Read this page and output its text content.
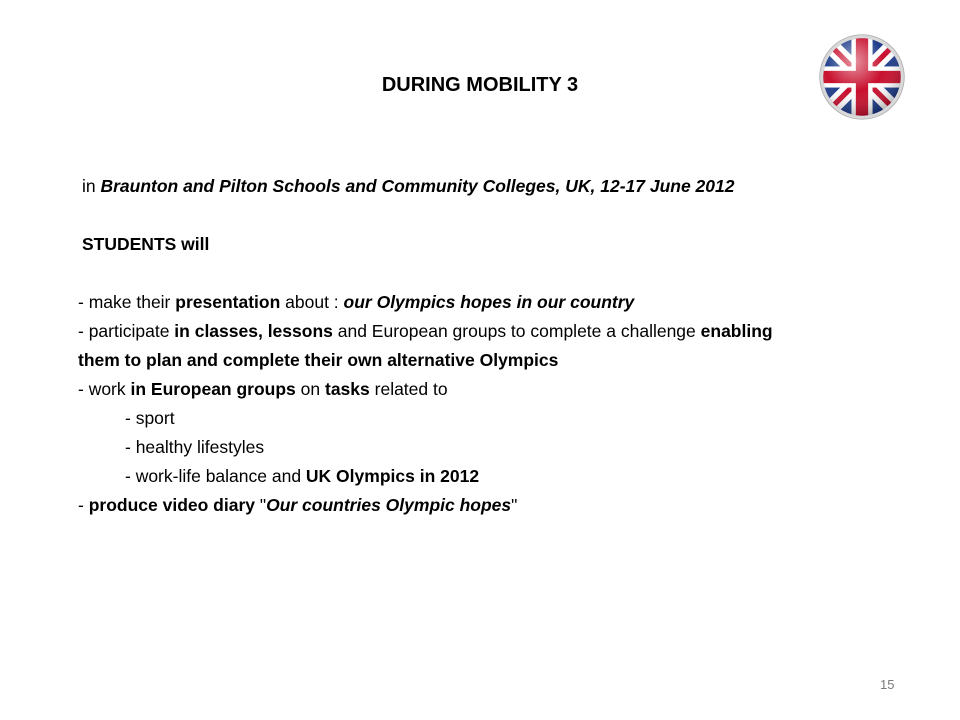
DURING MOBILITY 3
in Braunton and Pilton Schools and Community Colleges, UK, 12-17 June 2012
STUDENTS will
- make their presentation about : our Olympics hopes in our country
- participate in classes, lessons and European groups to complete a challenge enabling
them to plan and complete their own alternative Olympics
- work in European groups on tasks related to
- sport
- healthy lifestyles
- work-life balance and UK Olympics in 2012
- produce video diary "Our countries Olympic hopes"
15
